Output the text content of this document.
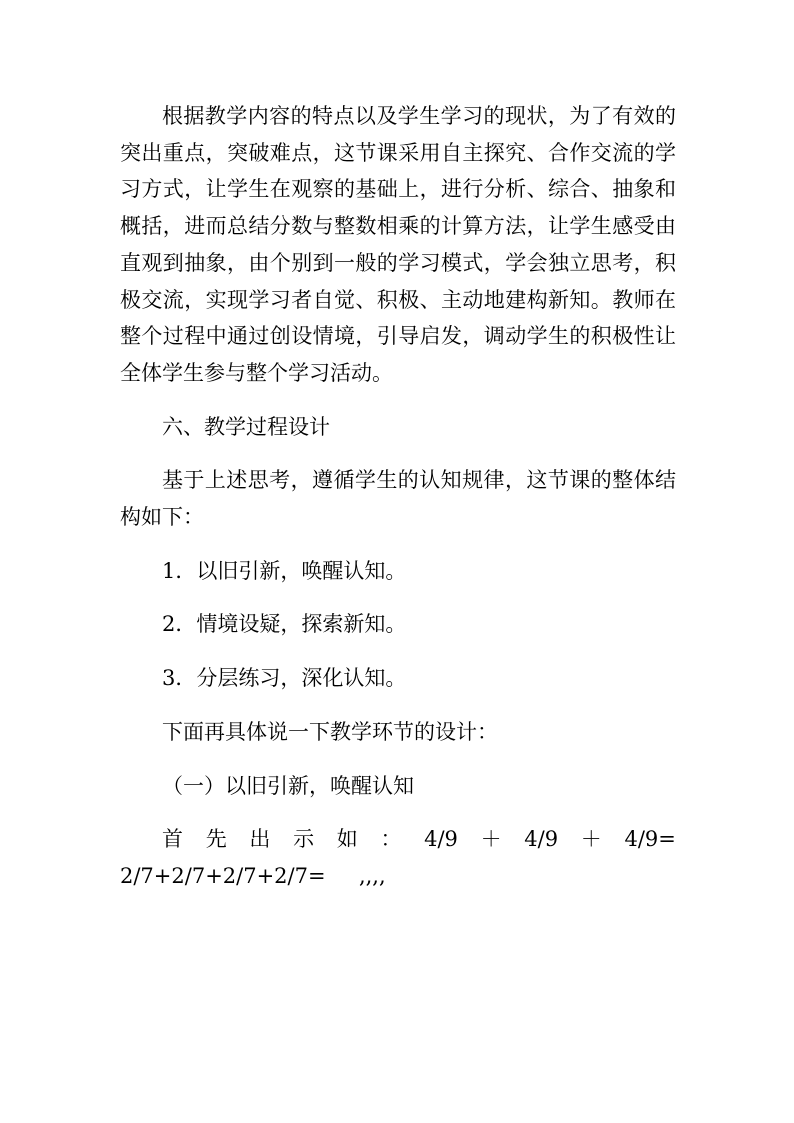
根据教学内容的特点以及学生学习的现状，为了有效的突出重点，突破难点，这节课采用自主探究、合作交流的学习方式，让学生在观察的基础上，进行分析、综合、抽象和概括，进而总结分数与整数相乘的计算方法，让学生感受由直观到抽象，由个别到一般的学习模式，学会独立思考，积极交流，实现学习者自觉、积极、主动地建构新知。教师在整个过程中通过创设情境，引导启发，调动学生的积极性让全体学生参与整个学习活动。

六、教学过程设计

基于上述思考，遵循学生的认知规律，这节课的整体结构如下：

1．以旧引新，唤醒认知。

2．情境设疑，探索新知。

3．分层练习，深化认知。

下面再具体说一下教学环节的设计：

（一）以旧引新，唤醒认知

首 先 出 示 如 ： 4/9 ＋ 4/9 ＋ 4/9=
2/7+2/7+2/7+2/7=     ,,,,
